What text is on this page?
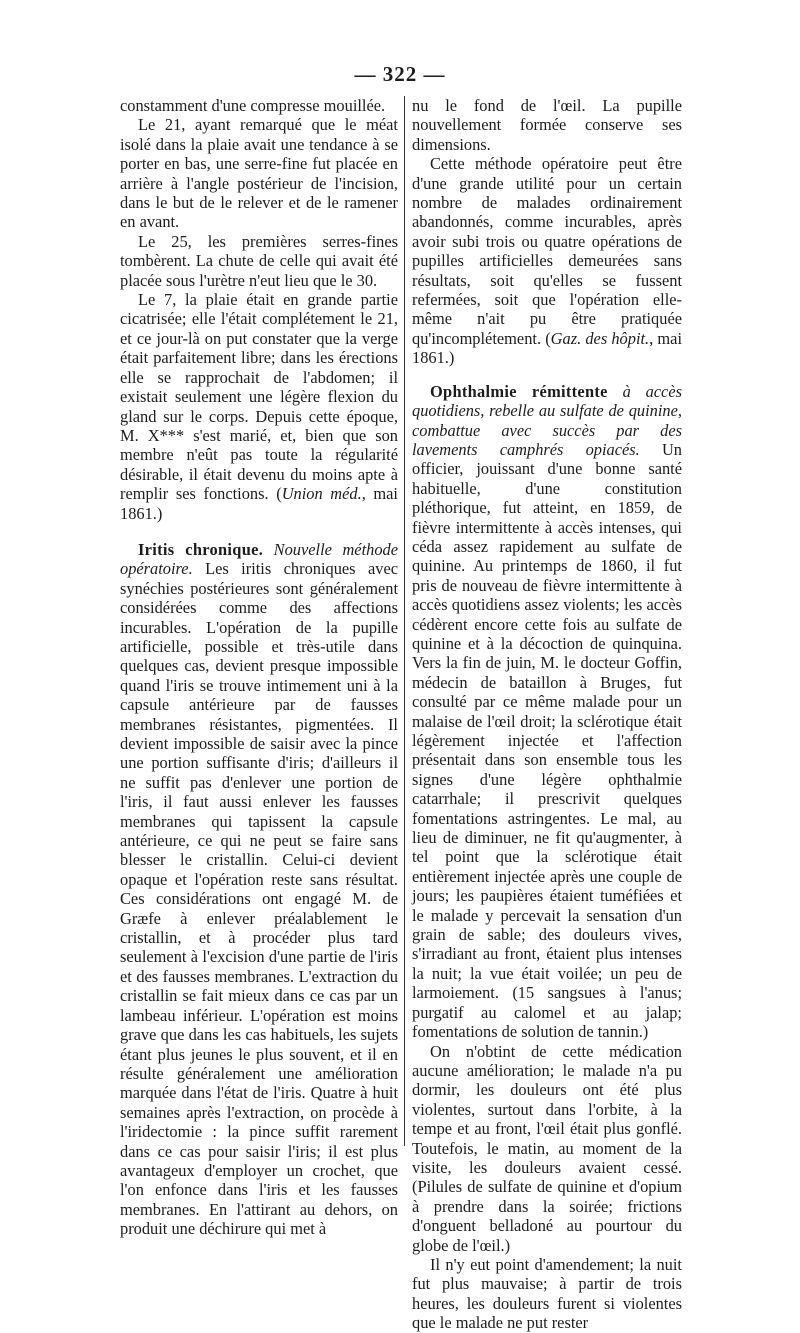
— 322 —

constamment d'une compresse mouillée.

Le 21, ayant remarqué que le méat isolé dans la plaie avait une tendance à se porter en bas, une serre-fine fut placée en arrière à l'angle postérieur de l'incision, dans le but de le relever et de le ramener en avant.

Le 25, les premières serres-fines tombèrent. La chute de celle qui avait été placée sous l'urètre n'eut lieu que le 30.

Le 7, la plaie était en grande partie cicatrisée; elle l'était complétement le 21, et ce jour-là on put constater que la verge était parfaitement libre; dans les érections elle se rapprochait de l'abdomen; il existait seulement une légère flexion du gland sur le corps. Depuis cette époque, M. X*** s'est marié, et, bien que son membre n'eût pas toute la régularité désirable, il était devenu du moins apte à remplir ses fonctions. (Union méd., mai 1861.)

Iritis chronique. Nouvelle méthode opératoire. Les iritis chroniques avec synéchies postérieures sont généralement considérées comme des affections incurables. L'opération de la pupille artificielle, possible et très-utile dans quelques cas, devient presque impossible quand l'iris se trouve intimement uni à la capsule antérieure par de fausses membranes résistantes, pigmentées. Il devient impossible de saisir avec la pince une portion suffisante d'iris; d'ailleurs il ne suffit pas d'enlever une portion de l'iris, il faut aussi enlever les fausses membranes qui tapissent la capsule antérieure, ce qui ne peut se faire sans blesser le cristallin. Celui-ci devient opaque et l'opération reste sans résultat. Ces considérations ont engagé M. de Græfe à enlever préalablement le cristallin, et à procéder plus tard seulement à l'excision d'une partie de l'iris et des fausses membranes. L'extraction du cristallin se fait mieux dans ce cas par un lambeau inférieur. L'opération est moins grave que dans les cas habituels, les sujets étant plus jeunes le plus souvent, et il en résulte généralement une amélioration marquée dans l'état de l'iris. Quatre à huit semaines après l'extraction, on procède à l'iridectomie : la pince suffit rarement dans ce cas pour saisir l'iris; il est plus avantageux d'employer un crochet, que l'on enfonce dans l'iris et les fausses membranes. En l'attirant au dehors, on produit une déchirure qui met à

nu le fond de l'œil. La pupille nouvellement formée conserve ses dimensions.

Cette méthode opératoire peut être d'une grande utilité pour un certain nombre de malades ordinairement abandonnés, comme incurables, après avoir subi trois ou quatre opérations de pupilles artificielles demeurées sans résultats, soit qu'elles se fussent refermées, soit que l'opération elle-même n'ait pu être pratiquée qu'incomplétement. (Gaz. des hôpit., mai 1861.)

Ophthalmie rémittente à accès quotidiens, rebelle au sulfate de quinine, combattue avec succès par des lavements camphrés opiacés. Un officier, jouissant d'une bonne santé habituelle, d'une constitution pléthorique, fut atteint, en 1859, de fièvre intermittente à accès intenses, qui céda assez rapidement au sulfate de quinine. Au printemps de 1860, il fut pris de nouveau de fièvre intermittente à accès quotidiens assez violents; les accès cédèrent encore cette fois au sulfate de quinine et à la décoction de quinquina. Vers la fin de juin, M. le docteur Goffin, médecin de bataillon à Bruges, fut consulté par ce même malade pour un malaise de l'œil droit; la sclérotique était légèrement injectée et l'affection présentait dans son ensemble tous les signes d'une légère ophthalmie catarrhale; il prescrivit quelques fomentations astringentes. Le mal, au lieu de diminuer, ne fit qu'augmenter, à tel point que la sclérotique était entièrement injectée après une couple de jours; les paupières étaient tuméfiées et le malade y percevait la sensation d'un grain de sable; des douleurs vives, s'irradiant au front, étaient plus intenses la nuit; la vue était voilée; un peu de larmoiement. (15 sangsues à l'anus; purgatif au calomel et au jalap; fomentations de solution de tannin.)

On n'obtint de cette médication aucune amélioration; le malade n'a pu dormir, les douleurs ont été plus violentes, surtout dans l'orbite, à la tempe et au front, l'œil était plus gonflé. Toutefois, le matin, au moment de la visite, les douleurs avaient cessé. (Pilules de sulfate de quinine et d'opium à prendre dans la soirée; frictions d'onguent belladoné au pourtour du globe de l'œil.)

Il n'y eut point d'amendement; la nuit fut plus mauvaise; à partir de trois heures, les douleurs furent si violentes que le malade ne put rester
